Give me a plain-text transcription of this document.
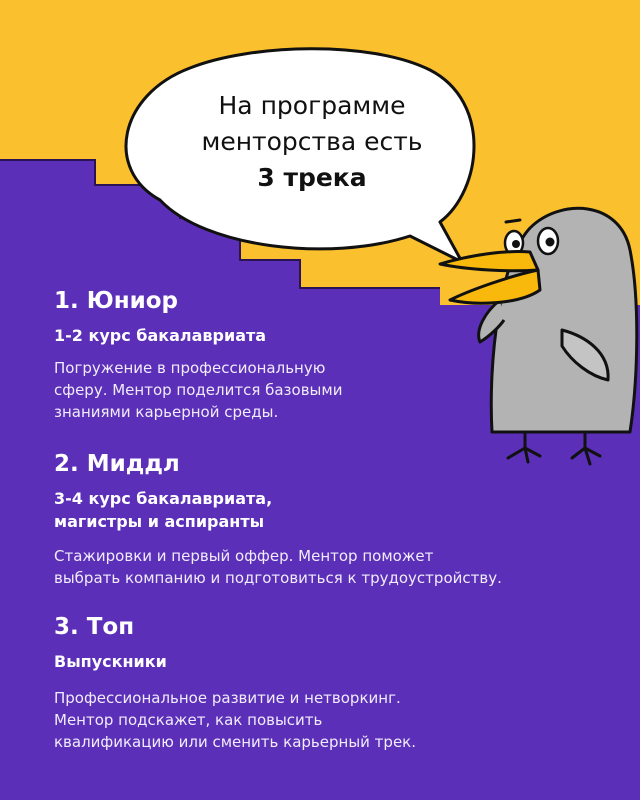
На программе
менторства есть
3 трека
1. Юниор
1-2 курс бакалавриата
Погружение в профессиональную
сферу. Ментор поделится базовыми
знаниями карьерной среды.
2. Миддл
3-4 курс бакалавриата,
магистры и аспиранты
Стажировки и первый оффер. Ментор поможет
выбрать компанию и подготовиться к трудоустройству.
3. Топ
Выпускники
Профессиональное развитие и нетворкинг.
Ментор подскажет, как повысить
квалификацию или сменить карьерный трек.
